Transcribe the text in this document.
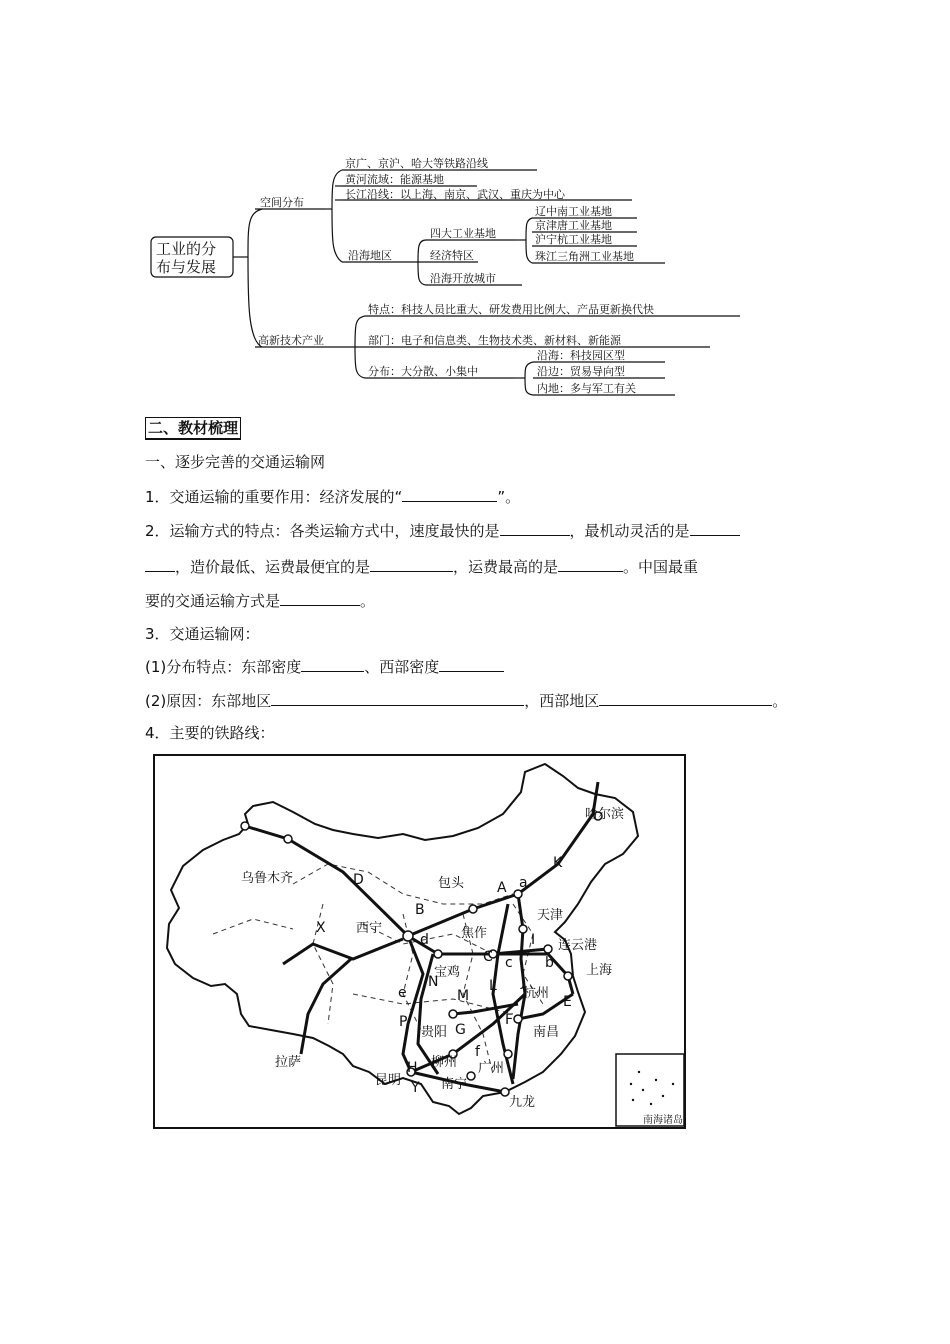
工业的分
布与发展
空间分布
京广、京沪、哈大等铁路沿线
黄河流域：能源基地
长江沿线：以上海、南京、武汉、重庆为中心
沿海地区
四大工业基地
经济特区
沿海开放城市
辽中南工业基地
京津唐工业基地
沪宁杭工业基地
珠江三角洲工业基地
高新技术产业
特点：科技人员比重大、研发费用比例大、产品更新换代快
部门：电子和信息类、生物技术类、新材料、新能源
分布：大分散、小集中
沿海：科技园区型
沿边：贸易导向型
内地：多与军工有关
二、教材梳理
一、逐步完善的交通运输网
1．交通运输的重要作用：经济发展的“	”。
2．运输方式的特点：各类运输方式中，速度最快的是	，最机动灵活的是
，造价最低、运费最便宜的是	，运费最高的是	。中国最重
要的交通运输方式是	。
3．交通运输网：
(1)分布特点：东部密度	、西部密度
(2)原因：东部地区	，西部地区	。
4．主要的铁路线：
南海诸岛
哈尔滨
乌鲁木齐	包头
天津
西宁	焦作
连云港
宝鸡	上海
杭州
贵阳	南昌
柳州 广州
昆明	南宁
九龙
拉萨
D
B
A a
K
X
d
C
I
c b
J
e
N
M
L
E
P	G
F
f
H
Y
